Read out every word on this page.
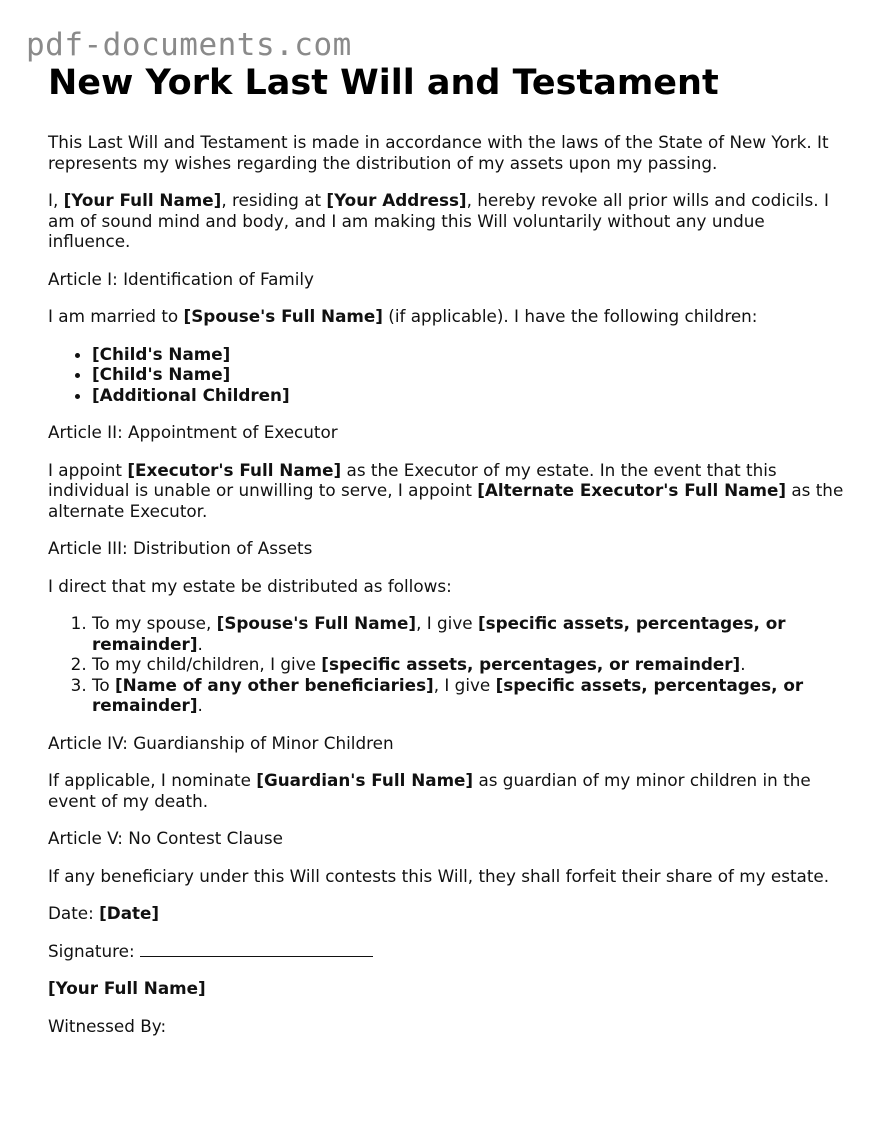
pdf-documents.com
New York Last Will and Testament

This Last Will and Testament is made in accordance with the laws of the State of New York. It represents my wishes regarding the distribution of my assets upon my passing.

I, [Your Full Name], residing at [Your Address], hereby revoke all prior wills and codicils. I am of sound mind and body, and I am making this Will voluntarily without any undue influence.

Article I: Identification of Family

I am married to [Spouse's Full Name] (if applicable). I have the following children:

• [Child's Name]
• [Child's Name]
• [Additional Children]

Article II: Appointment of Executor

I appoint [Executor's Full Name] as the Executor of my estate. In the event that this individual is unable or unwilling to serve, I appoint [Alternate Executor's Full Name] as the alternate Executor.

Article III: Distribution of Assets

I direct that my estate be distributed as follows:

1. To my spouse, [Spouse's Full Name], I give [specific assets, percentages, or remainder].
2. To my child/children, I give [specific assets, percentages, or remainder].
3. To [Name of any other beneficiaries], I give [specific assets, percentages, or remainder].

Article IV: Guardianship of Minor Children

If applicable, I nominate [Guardian's Full Name] as guardian of my minor children in the event of my death.

Article V: No Contest Clause

If any beneficiary under this Will contests this Will, they shall forfeit their share of my estate.

Date: [Date]

Signature:

[Your Full Name]

Witnessed By:
